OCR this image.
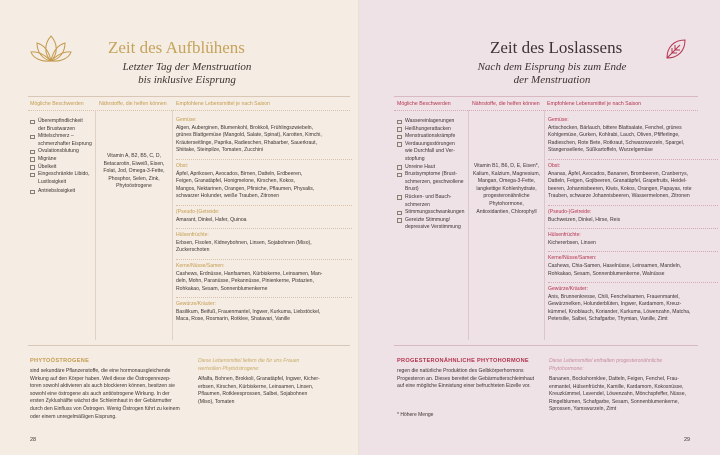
Zeit des Aufblühens
Letzter Tag der Menstruation
bis inklusive Eisprung
Mögliche Beschwerden	Nährstoffe, die helfen können Empfohlene Lebensmittel je nach Saison
Überempfindlichkeit
der Brustwarzen
Mittelschmerz –
schmerzhafter Eisprung
Ovulationsblutung
Migräne
Übelkeit
Eingeschränkte Libido,
Lustlosigkeit
Antriebslosigkeit
Vitamin A, B2, B5, C, D,
Betacarotin, Eiweiß, Eisen,
Folat, Jod, Omega-3-Fette,
Phosphor, Selen, Zink,
Phytoöstrogene
Gemüse:
Algen, Auberginen, Blumenkohl, Brokkoli, Frühlingszwiebeln,
grünes Blattgemüse (Mangold, Salate, Spinat), Karotten, Kimchi,
Kräuterseitlinge, Paprika, Radieschen, Rhabarber, Sauerkraut,
Shiitake, Steinpilze, Tomaten, Zucchini
Obst:
Äpfel, Aprikosen, Avocados, Birnen, Datteln, Erdbeeren,
Feigen, Granatäpfel, Honigmelone, Kirschen, Kokos,
Mangos, Nektarinen, Orangen, Pfirsiche, Pflaumen, Physalis,
schwarzer Holunder, weiße Trauben, Zitronen
(Pseudo-)Getreide:
Amarant, Dinkel, Hafer, Quinoa
Hülsenfrüchte:
Erbsen, Fisolen, Kidneybohnen, Linsen, Sojabohnen (Miso),
Zuckerschoten
Kerne/Nüsse/Samen:
Cashews, Erdnüsse, Hanfsamen, Kürbiskerne, Leinsamen, Man-
deln, Mohn, Paranüsse, Pekannüsse, Pinienkerne, Pistazien,
Rohkakao, Sesam, Sonnenblumenkerne
Gewürze/Kräuter:
Basilikum, Beifuß, Frauenmantel, Ingwer, Kurkuma, Liebstöckel,
Maca, Rose, Rosmarin, Rotklee, Shatavari, Vanille
PHYTOÖSTROGENE
sind sekundäre Pflanzenstoffe, die eine hormonausgleichende
Wirkung auf den Körper haben. Weil diese die Östrogenrezep-
toren sowohl aktivieren als auch blockieren können, besitzen sie
sowohl eine östrogene als auch antiöstrogene Wirkung. In der
ersten Zyklushälfte wächst die Schleimhaut in der Gebärmutter
durch den Einfluss von Östrogen. Wenig Östrogen führt zu keinem
oder einem unregelmäßigen Eisprung.
Diese Lebensmittel liefern die für uns Frauen
wertvollen Phytoöstrogene:
Alfalfa, Bohnen, Brokkoli, Granatäpfel, Ingwer, Kicher-
erbsen, Kirschen, Kürbiskerne, Leinsamen, Linsen,
Pflaumen, Rotkleesprossen, Salbei, Sojabohnen
(Miso), Tomaten
28
Zeit des Loslassens
Nach dem Eisprung bis zum Ende
der Menstruation
Mögliche Beschwerden	Nährstoffe, die helfen können Empfohlene Lebensmittel je nach Saison
Wassereinlagerungen
Heißhungerattacken
Menstruationskrämpfe
Verdauungsstörungen
wie Durchfall und Ver-
stopfung
Unreine Haut
Brustsymptome (Brust-
schmerzen, geschwollene
Brust)
Rücken- und Bauch-
schmerzen
Stimmungsschwankungen
Gereizte Stimmung/
depressive Verstimmung
Vitamin B1, B6, D, E, Eisen*,
Kalium, Kalzium, Magnesium,
Mangan, Omega-3-Fette,
langkettige Kohlenhydrate,
progesteronähnliche
Phytohormone,
Antioxidantien, Chlorophyll
Gemüse:
Artischocken, Bärlauch, bittere Blattsalate, Fenchel, grünes
Kohlgemüse, Gurken, Kohlrabi, Lauch, Oliven, Pfifferlinge,
Radieschen, Rote Bete, Rotkraut, Schwarzwurzeln, Spargel,
Stangensellerie, Süßkartoffeln, Wurzelgemüse
Obst:
Ananas, Äpfel, Avocados, Bananen, Brombeeren, Cranberrys,
Datteln, Feigen, Gojibeeren, Granatäpfel, Grapefruits, Heidel-
beeren, Johannisbeeren, Kiwis, Kokos, Orangen, Papayas, rote
Trauben, schwarze Johannisbeeren, Wassermelonen, Zitronen
(Pseudo-)Getreide:
Buchweizen, Dinkel, Hirse, Reis
Hülsenfrüchte:
Kichererbsen, Linsen
Kerne/Nüsse/Samen:
Cashews, Chia-Samen, Haselnüsse, Leinsamen, Mandeln,
Rohkakao, Sesam, Sonnenblumenkerne, Walnüsse
Gewürze/Kräuter:
Anis, Brunnenkresse, Chili, Fenchelsamen, Frauenmantel,
Gewürznelken, Holunderblüten, Ingwer, Kardamom, Kreuz-
kümmel, Knoblauch, Koriander, Kurkuma, Löwenzahn, Matcha,
Petersilie, Salbei, Schafgarbe, Thymian, Vanille, Zimt
PROGESTERONÄHNLICHE PHYTOHORMONE
regen die natürliche Produktion des Gelbkörperhormons
Progesteron an. Dieses bereitet die Gebärmutterschleimhaut
auf eine mögliche Einnistung einer befruchteten Eizelle vor.
* Höhere Menge
Diese Lebensmittel enthalten progesteronähnliche
Phytohormone:
Bananen, Bockshornklee, Datteln, Feigen, Fenchel, Frau-
enmantel, Hülsenfrüchte, Kamille, Kardamom, Kokosnüsse,
Kreuzkümmel, Lavendel, Löwenzahn, Mönchspfeffer, Nüsse,
Ringelblumen, Schafgarbe, Sesam, Sonnenblumenkerne,
Sprossen, Yamswurzeln, Zimt
29
